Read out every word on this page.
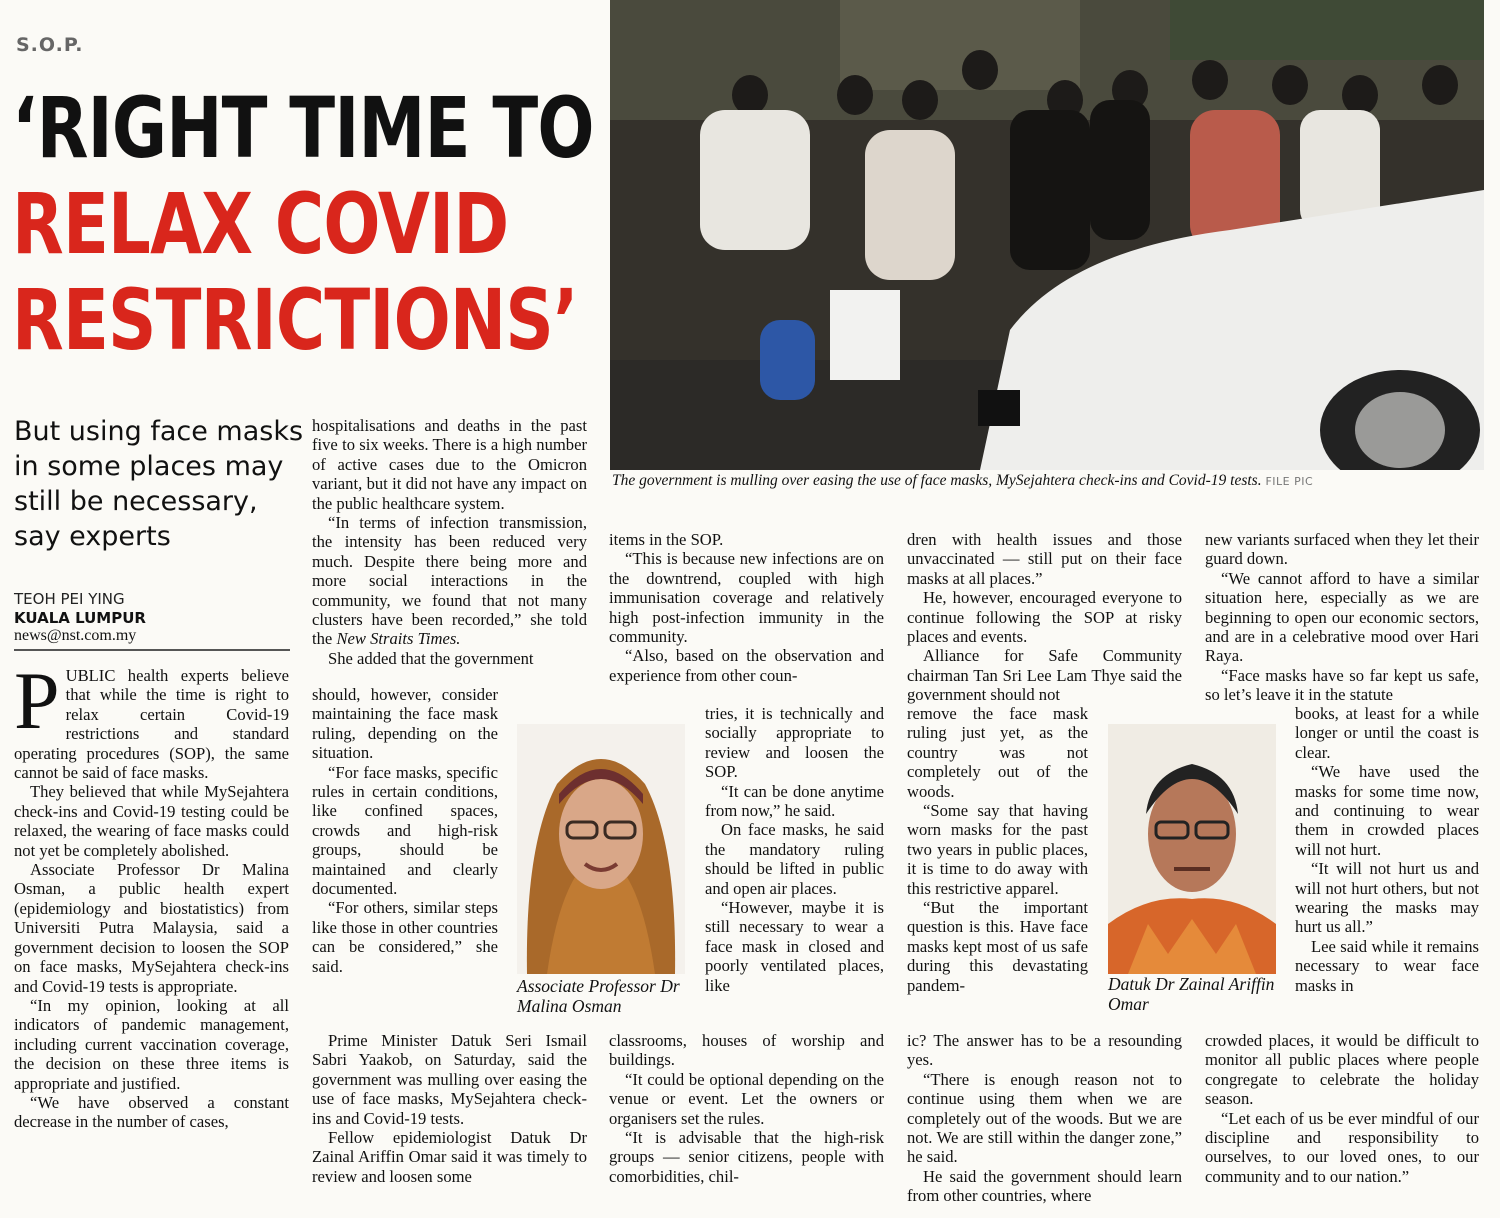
S.O.P.
‘RIGHT TIME TO
RELAX COVID
RESTRICTIONS’
The government is mulling over easing the use of face masks, MySejahtera check-ins and Covid-19 tests. FILE PIC
But using face masks in some places may still be necessary, say experts
TEOH PEI YING
KUALA LUMPUR
news@nst.com.my

PUBLIC health experts believe that while the time is right to relax certain Covid-19 restrictions and standard operating procedures (SOP), the same cannot be said of face masks.

They believed that while MySejahtera check-ins and Covid-19 testing could be relaxed, the wearing of face masks could not yet be completely abolished.

Associate Professor Dr Malina Osman, a public health expert (epidemiology and biostatistics) from Universiti Putra Malaysia, said a government decision to loosen the SOP on face masks, MySejahtera check-ins and Covid-19 tests is appropriate.

“In my opinion, looking at all indicators of pandemic management, including current vaccination coverage, the decision on these three items is appropriate and justified.

“We have observed a constant decrease in the number of cases,

hospitalisations and deaths in the past five to six weeks. There is a high number of active cases due to the Omicron variant, but it did not have any impact on the public healthcare system.

“In terms of infection transmission, the intensity has been reduced very much. Despite there being more and more social interactions in the community, we found that not many clusters have been recorded,” she told the New Straits Times.

She added that the government

should, however, consider maintaining the face mask ruling, depending on the situation.

“For face masks, specific rules in certain conditions, like confined spaces, crowds and high-risk groups, should be maintained and clearly documented.

“For others, similar steps like those in other countries can be considered,” she said.

Prime Minister Datuk Seri Ismail Sabri Yaakob, on Saturday, said the government was mulling over easing the use of face masks, MySejahtera check-ins and Covid-19 tests.

Fellow epidemiologist Datuk Dr Zainal Ariffin Omar said it was timely to review and loosen some

Associate Professor Dr Malina Osman

items in the SOP.

“This is because new infections are on the downtrend, coupled with high immunisation coverage and relatively high post-infection immunity in the community.

“Also, based on the observation and experience from other coun-

tries, it is technically and socially appropriate to review and loosen the SOP.

“It can be done anytime from now,” he said.

On face masks, he said the mandatory ruling should be lifted in public and open air places.

“However, maybe it is still necessary to wear a face mask in closed and poorly ventilated places, like

classrooms, houses of worship and buildings.

“It could be optional depending on the venue or event. Let the owners or organisers set the rules.

“It is advisable that the high-risk groups — senior citizens, people with comorbidities, chil-

dren with health issues and those unvaccinated — still put on their face masks at all places.”

He, however, encouraged everyone to continue following the SOP at risky places and events.

Alliance for Safe Community chairman Tan Sri Lee Lam Thye said the government should not

remove the face mask ruling just yet, as the country was not completely out of the woods.

“Some say that having worn masks for the past two years in public places, it is time to do away with this restrictive apparel.

“But the important question is this. Have face masks kept most of us safe during this devastating pandem-

ic? The answer has to be a resounding yes.

“There is enough reason not to continue using them when we are completely out of the woods. But we are not. We are still within the danger zone,” he said.

He said the government should learn from other countries, where

Datuk Dr Zainal Ariffin Omar

new variants surfaced when they let their guard down.

“We cannot afford to have a similar situation here, especially as we are beginning to open our economic sectors, and are in a celebrative mood over Hari Raya.

“Face masks have so far kept us safe, so let’s leave it in the statute

books, at least for a while longer or until the coast is clear.

“We have used the masks for some time now, and continuing to wear them in crowded places will not hurt.

“It will not hurt us and will not hurt others, but not wearing the masks may hurt us all.”

Lee said while it remains necessary to wear face masks in

crowded places, it would be difficult to monitor all public places where people congregate to celebrate the holiday season.

“Let each of us be ever mindful of our discipline and responsibility to ourselves, to our loved ones, to our community and to our nation.”
